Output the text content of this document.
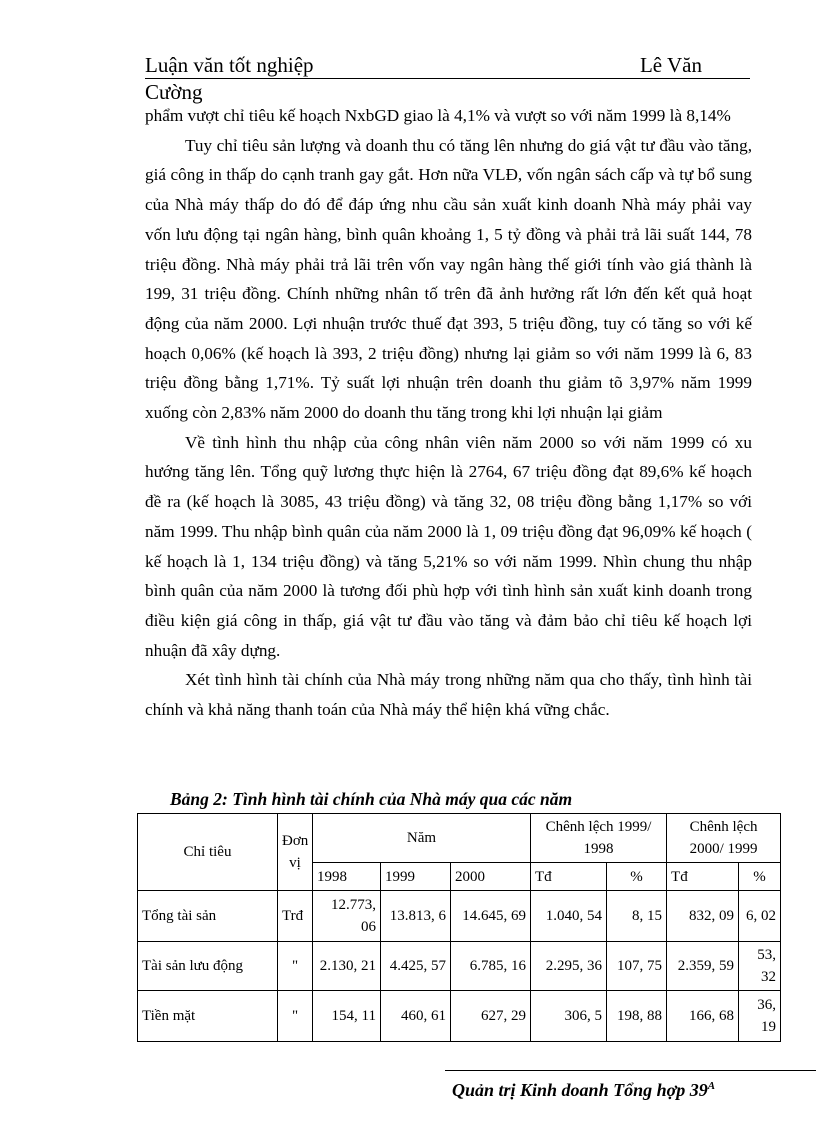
Luận văn tốt nghiệp	Lê Văn
Cường

phẩm vượt chỉ tiêu kế hoạch NxbGD giao là 4,1% và vượt so với năm 1999 là 8,14%

Tuy chỉ tiêu sản lượng và doanh thu có tăng lên nhưng do giá vật tư đầu vào tăng, giá công in thấp do cạnh tranh gay gắt. Hơn nữa VLĐ, vốn ngân sách cấp và tự bổ sung của Nhà máy thấp do đó để đáp ứng nhu cầu sản xuất kinh doanh Nhà máy phải vay vốn lưu động tại ngân hàng, bình quân khoảng 1, 5 tỷ đồng và phải trả lãi suất 144, 78 triệu đồng. Nhà máy phải trả lãi trên vốn vay ngân hàng thế giới tính vào giá thành là 199, 31 triệu đồng. Chính những nhân tố trên đã ảnh hưởng rất lớn đến kết quả hoạt động của năm 2000. Lợi nhuận trước thuế đạt 393, 5 triệu đồng, tuy có tăng so với kế hoạch 0,06% (kế hoạch là 393, 2 triệu đồng) nhưng lại giảm so với năm 1999 là 6, 83 triệu đồng bằng 1,71%. Tỷ suất lợi nhuận trên doanh thu giảm tõ 3,97% năm 1999 xuống còn 2,83% năm 2000 do doanh thu tăng trong khi lợi nhuận lại giảm

Về tình hình thu nhập của công nhân viên năm 2000 so với năm 1999 có xu hướng tăng lên. Tổng quỹ lương thực hiện là 2764, 67 triệu đồng đạt 89,6% kế hoạch đề ra (kế hoạch là 3085, 43 triệu đồng) và tăng 32, 08 triệu đồng bằng 1,17% so với năm 1999. Thu nhập bình quân của năm 2000 là 1, 09 triệu đồng đạt 96,09% kế hoạch ( kế hoạch là 1, 134 triệu đồng) và tăng 5,21% so với năm 1999. Nhìn chung thu nhập bình quân của năm 2000 là tương đối phù hợp với tình hình sản xuất kinh doanh trong điều kiện giá công in thấp, giá vật tư đầu vào tăng và đảm bảo chỉ tiêu kế hoạch lợi nhuận đã xây dựng.

Xét tình hình tài chính của Nhà máy trong những năm qua cho thấy, tình hình tài chính và khả năng thanh toán của Nhà máy thể hiện khá vững chắc.

Bảng 2: Tình hình tài chính của Nhà máy qua các năm
Chỉ tiêu	Đơn vị	Năm			Chênh lệch 1999/ 1998		Chênh lệch 2000/ 1999	
		1998	1999	2000	Tđ	%	Tđ	%
Tổng tài sản	Trđ	12.773, 06	13.813, 6	14.645, 69	1.040, 54	8, 15	832, 09	6, 02
Tài sản lưu động	"	2.130, 21	4.425, 57	6.785, 16	2.295, 36	107, 75	2.359, 59	53, 32
Tiền mặt	"	154, 11	460, 61	627, 29	306, 5	198, 88	166, 68	36, 19
Quản trị Kinh doanh Tổng hợp $39^A$
